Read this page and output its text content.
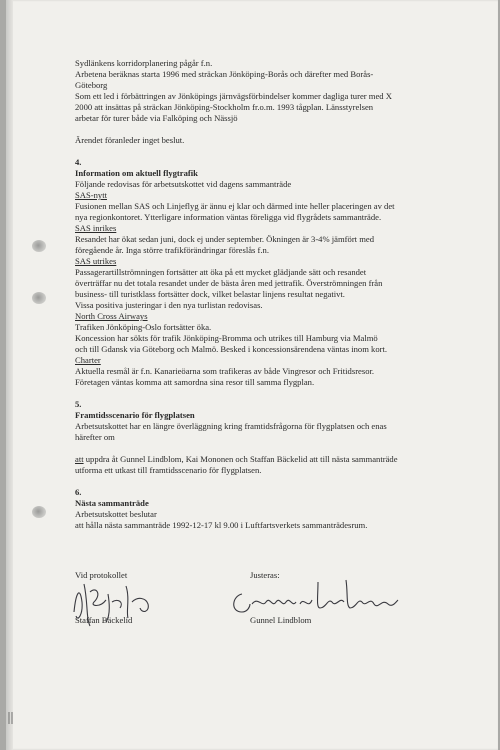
Sydlänkens korridorplanering pågår f.n.
Arbetena beräknas starta 1996 med sträckan Jönköping-Borås och därefter med Borås-
Göteborg
Som ett led i förbättringen av Jönköpings järnvägsförbindelser kommer dagliga turer med X
2000 att insättas på sträckan Jönköping-Stockholm fr.o.m. 1993 tågplan. Länsstyrelsen
arbetar för turer både via Falköping och Nässjö
Ärendet föranleder inget beslut.
4.
Information om aktuell flygtrafik
Följande redovisas för arbetsutskottet vid dagens sammanträde
SAS-nytt
Fusionen mellan SAS och Linjeflyg är ännu ej klar och därmed inte heller placeringen av det
nya regionkontoret. Ytterligare information väntas föreligga vid flygrådets sammanträde.
SAS inrikes
Resandet har ökat sedan juni, dock ej under september. Ökningen är 3-4% jämfört med
föregående år. Inga större trafikförändringar föreslås f.n.
SAS utrikes
Passagerartillströmningen fortsätter att öka på ett mycket glädjande sätt och resandet
överträffar nu det totala resandet under de bästa åren med jettrafik. Överströmningen från
business- till turistklass fortsätter dock, vilket belastar linjens resultat negativt.
Vissa positiva justeringar i den nya turlistan redovisas.
North Cross Airways
Trafiken Jönköping-Oslo fortsätter öka.
Koncession har sökts för trafik Jönköping-Bromma och utrikes till Hamburg via Malmö
och till Gdansk via Göteborg och Malmö. Besked i koncessionsärendena väntas inom kort.
Charter
Aktuella resmål är f.n. Kanarieöarna som trafikeras av både Vingresor och Fritidsresor.
Företagen väntas komma att samordna sina resor till samma flygplan.
5.
Framtidsscenario för flygplatsen
Arbetsutskottet har en längre överläggning kring framtidsfrågorna för flygplatsen och enas
härefter om
att uppdra åt Gunnel Lindblom, Kai Mononen och Staffan Bäckelid att till nästa sammanträde
utforma ett utkast till framtidsscenario för flygplatsen.
6.
Nästa sammanträde
Arbetsutskottet beslutar
att hålla nästa sammanträde 1992-12-17 kl 9.00 i Luftfartsverkets sammanträdesrum.
Vid protokollet
Staffan Bäckelid
Justeras:
Gunnel Lindblom
